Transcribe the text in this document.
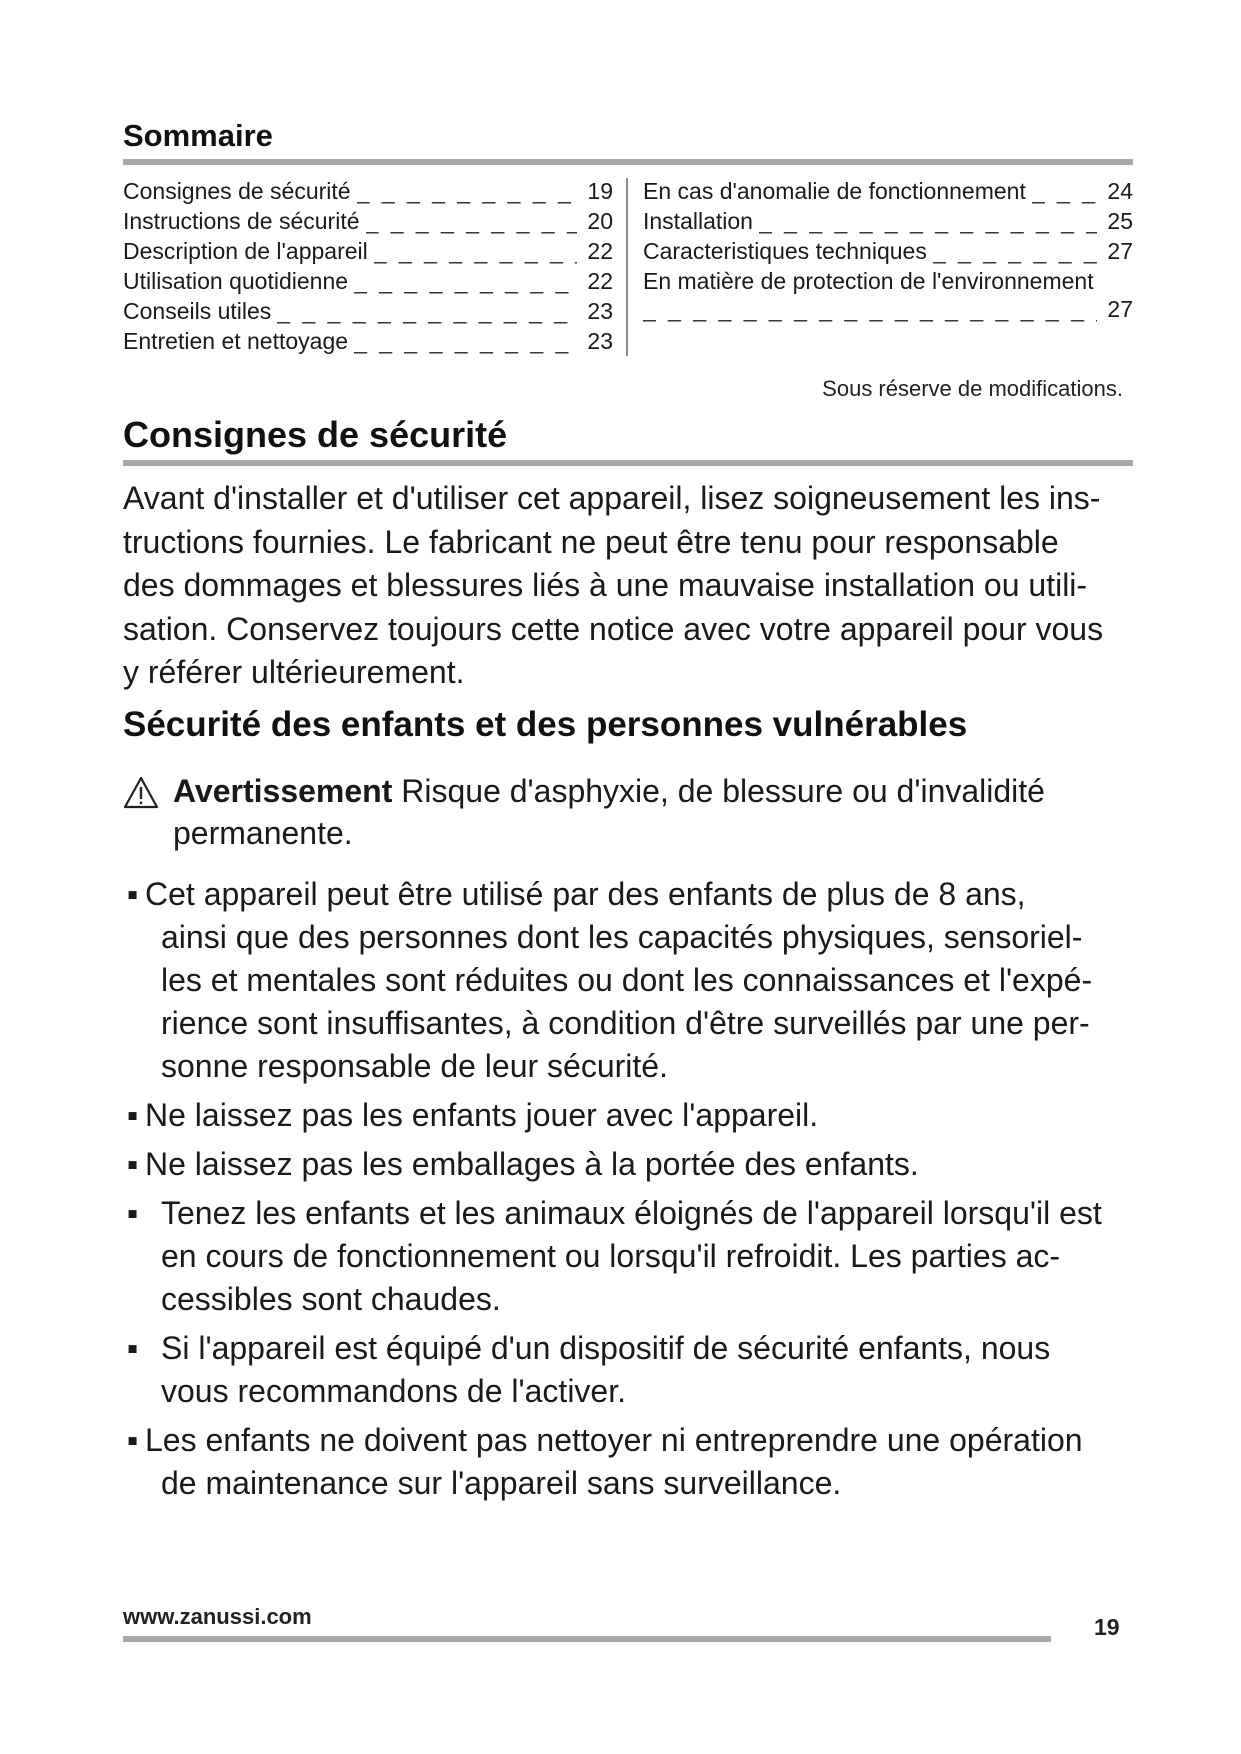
Sommaire
Consignes de sécurité _ _ _	19
Instructions de sécurité _ _ _	20
Description de l'appareil _ _ _	22
Utilisation quotidienne _ _ _	22
Conseils utiles _ _ _	23
Entretien et nettoyage _ _ _	23
En cas d'anomalie de fonctionnement _ _ _	24
Installation _ _ _	25
Caracteristiques techniques _ _ _	27
En matière de protection de l'environnement
_ _ _
27
Sous réserve de modifications.
Consignes de sécurité
Avant d'installer et d'utiliser cet appareil, lisez soigneusement les ins-
tructions fournies. Le fabricant ne peut être tenu pour responsable
des dommages et blessures liés à une mauvaise installation ou utili-
sation. Conservez toujours cette notice avec votre appareil pour vous
y référer ultérieurement.
Sécurité des enfants et des personnes vulnérables
Avertissement Risque d'asphyxie, de blessure ou d'invalidité
permanente.
▪ Cet appareil peut être utilisé par des enfants de plus de 8 ans,
ainsi que des personnes dont les capacités physiques, sensoriel-
les et mentales sont réduites ou dont les connaissances et l'expé-
rience sont insuffisantes, à condition d'être surveillés par une per-
sonne responsable de leur sécurité.
▪ Ne laissez pas les enfants jouer avec l'appareil.
▪ Ne laissez pas les emballages à la portée des enfants.
▪ Tenez les enfants et les animaux éloignés de l'appareil lorsqu'il est
en cours de fonctionnement ou lorsqu'il refroidit. Les parties ac-
cessibles sont chaudes.
▪ Si l'appareil est équipé d'un dispositif de sécurité enfants, nous
vous recommandons de l'activer.
▪ Les enfants ne doivent pas nettoyer ni entreprendre une opération
de maintenance sur l'appareil sans surveillance.
www.zanussi.com	19
